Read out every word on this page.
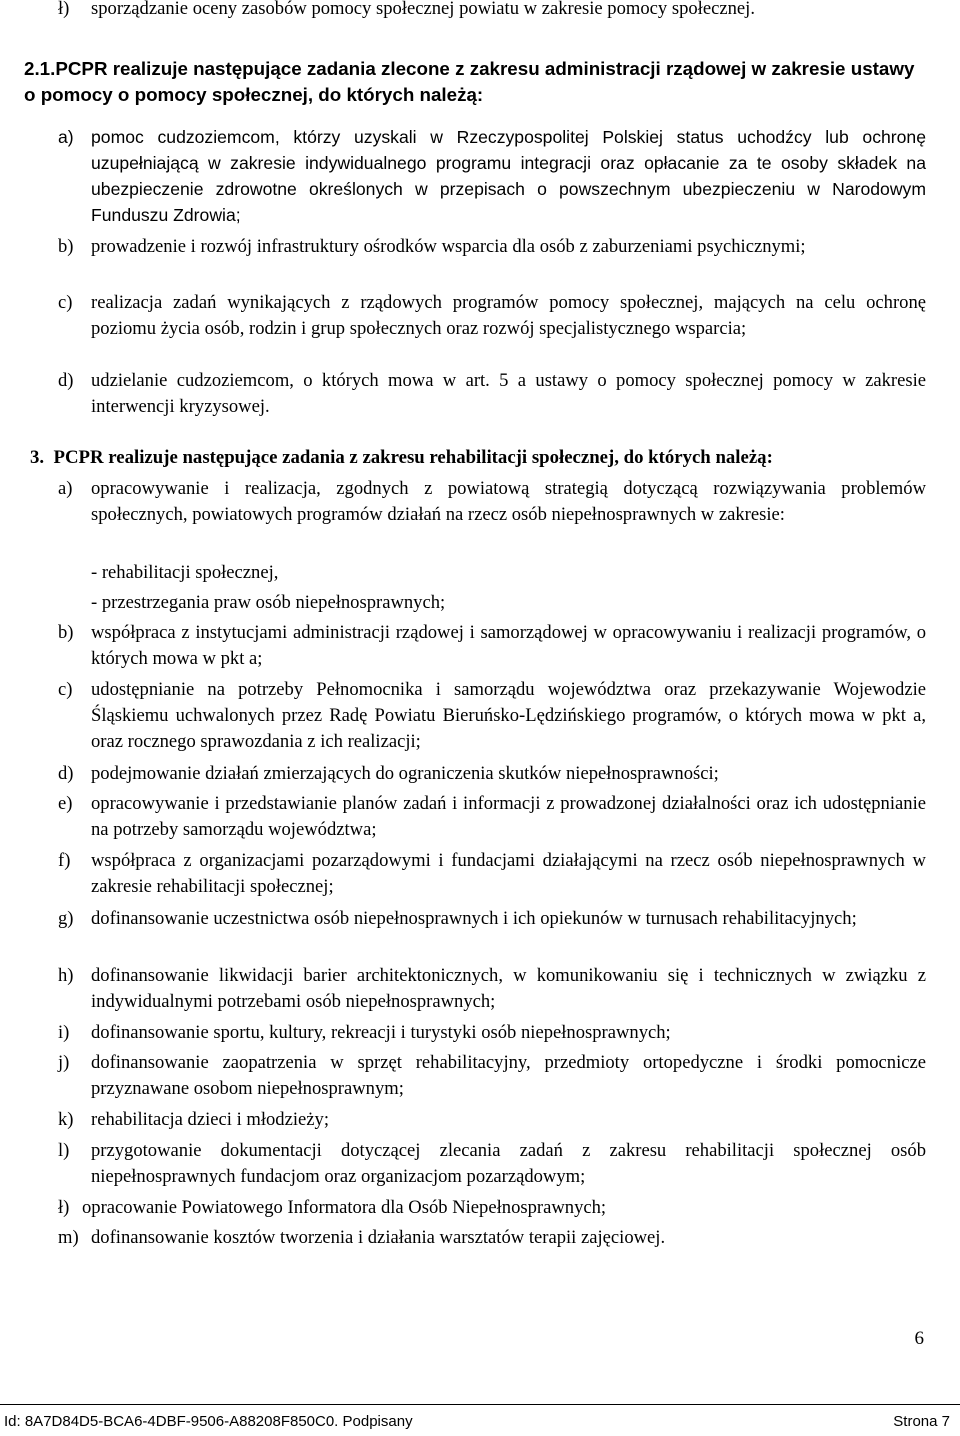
ł)	sporządzanie oceny zasobów pomocy społecznej powiatu w zakresie pomocy społecznej.
2.1.PCPR realizuje następujące zadania zlecone z zakresu administracji rządowej w zakresie ustawy o pomocy o pomocy społecznej, do których należą:
a) pomoc cudzoziemcom, którzy uzyskali w Rzeczypospolitej Polskiej status uchodźcy lub ochronę uzupełniającą w zakresie indywidualnego programu integracji oraz opłacanie za te osoby składek na ubezpieczenie zdrowotne określonych w przepisach o powszechnym ubezpieczeniu w Narodowym Funduszu Zdrowia;
b) prowadzenie i rozwój infrastruktury ośrodków wsparcia dla osób z zaburzeniami psychicznymi;
c) realizacja zadań wynikających z rządowych programów pomocy społecznej, mających na celu ochronę poziomu życia osób, rodzin i grup społecznych oraz rozwój specjalistycznego wsparcia;
d) udzielanie cudzoziemcom, o których mowa w art. 5 a ustawy o pomocy społecznej pomocy w zakresie interwencji kryzysowej.
3. PCPR realizuje następujące zadania z zakresu rehabilitacji społecznej, do których należą:
a) opracowywanie i realizacja, zgodnych z powiatową strategią dotyczącą rozwiązywania problemów społecznych, powiatowych programów działań na rzecz osób niepełnosprawnych w zakresie:
- rehabilitacji społecznej,
- przestrzegania praw osób niepełnosprawnych;
b) współpraca z instytucjami administracji rządowej i samorządowej w opracowywaniu i realizacji programów, o których mowa w pkt a;
c) udostępnianie na potrzeby Pełnomocnika i samorządu województwa oraz przekazywanie Wojewodzie Śląskiemu uchwalonych przez Radę Powiatu Bieruńsko-Lędzińskiego programów, o których mowa w pkt a, oraz rocznego sprawozdania z ich realizacji;
d) podejmowanie działań zmierzających do ograniczenia skutków niepełnosprawności;
e) opracowywanie i przedstawianie planów zadań i informacji z prowadzonej działalności oraz ich udostępnianie na potrzeby samorządu województwa;
f)	współpraca z organizacjami pozarządowymi i fundacjami działającymi na rzecz osób niepełnosprawnych w zakresie rehabilitacji społecznej;
g) dofinansowanie uczestnictwa osób niepełnosprawnych i ich opiekunów w turnusach rehabilitacyjnych;
h) dofinansowanie likwidacji barier architektonicznych, w komunikowaniu się i technicznych w związku z indywidualnymi potrzebami osób niepełnosprawnych;
i)	dofinansowanie sportu, kultury, rekreacji i turystyki osób niepełnosprawnych;
j)	dofinansowanie zaopatrzenia w sprzęt rehabilitacyjny, przedmioty ortopedyczne i środki pomocnicze przyznawane osobom niepełnosprawnym;
k) rehabilitacja dzieci i młodzieży;
l)	przygotowanie dokumentacji dotyczącej zlecania zadań z zakresu rehabilitacji społecznej osób niepełnosprawnych fundacjom oraz organizacjom pozarządowym;
ł) opracowanie Powiatowego Informatora dla Osób Niepełnosprawnych;
m) dofinansowanie kosztów tworzenia i działania warsztatów terapii zajęciowej.
6
Id: 8A7D84D5-BCA6-4DBF-9506-A88208F850C0. Podpisany	Strona 7
